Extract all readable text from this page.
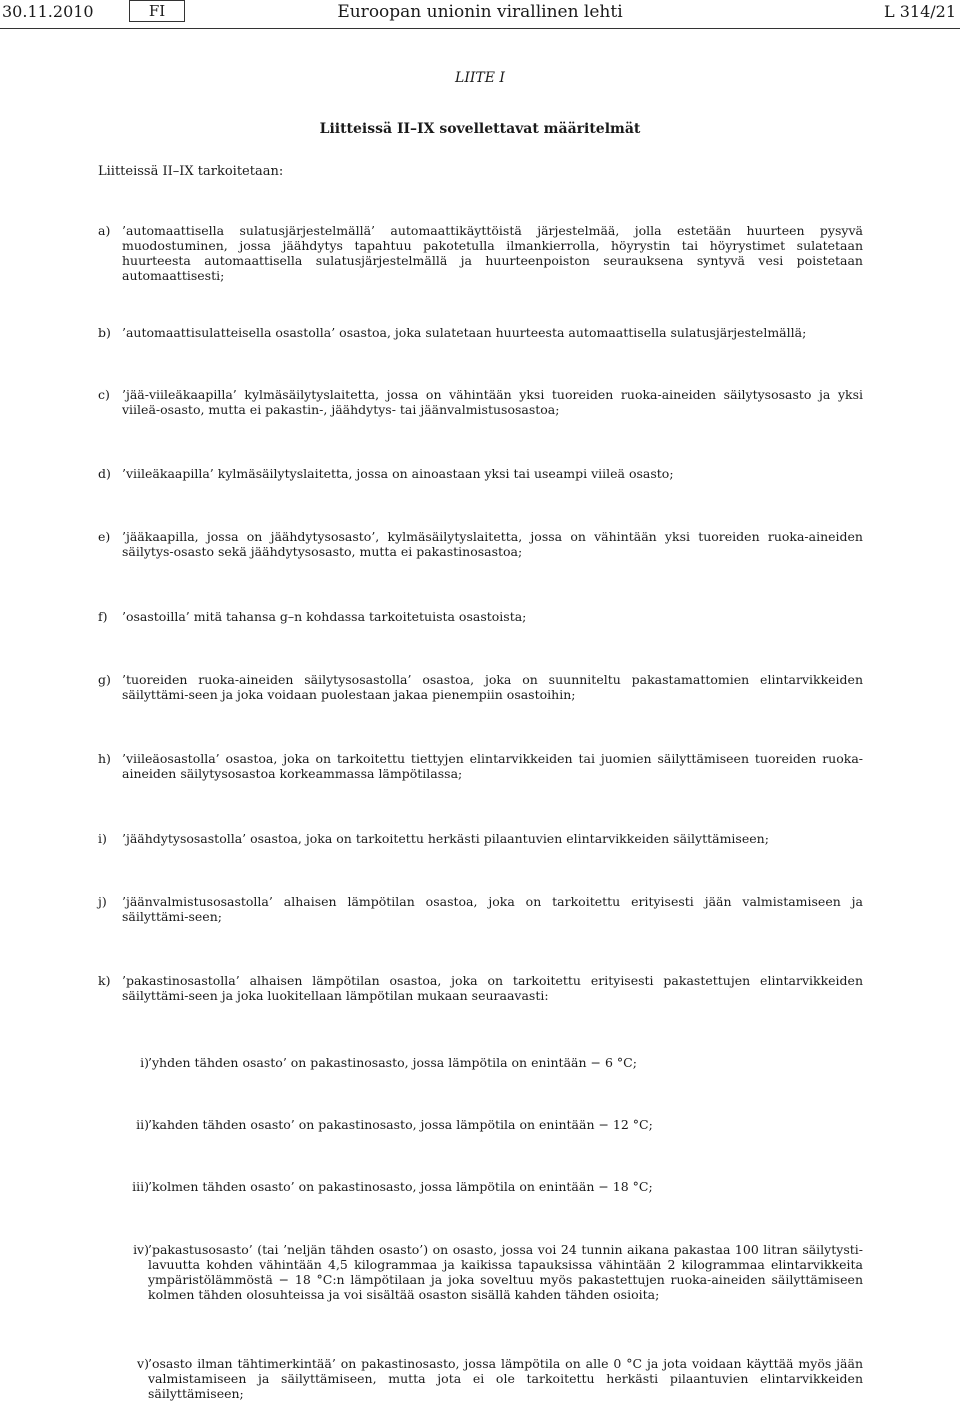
30.11.2010	FI	Euroopan unionin virallinen lehti	L 314/21
LIITE I
Liitteissä II–IX sovellettavat määritelmät
Liitteissä II–IX tarkoitetaan:
a) ’automaattisella sulatusjärjestelmällä’ automaattikäyttöistä järjestelmää, jolla estetään huurteen pysyvä muodostuminen, jossa jäähdytys tapahtuu pakotetulla ilmankierrolla, höyrystin tai höyrystimet sulatetaan huurteesta automaattisella sulatusjärjestelmällä ja huurteenpoiston seurauksena syntyvä vesi poistetaan automaattisesti;
b) ’automaattisulatteisella osastolla’ osastoa, joka sulatetaan huurteesta automaattisella sulatusjärjestelmällä;
c) ’jää-viileäkaapilla’ kylmäsäilytyslaitetta, jossa on vähintään yksi tuoreiden ruoka-aineiden säilytysosasto ja yksi viileä-osasto, mutta ei pakastin-, jäähdytys- tai jäänvalmistusosastoa;
d) ’viileäkaapilla’ kylmäsäilytyslaitetta, jossa on ainoastaan yksi tai useampi viileä osasto;
e) ’jääkaapilla, jossa on jäähdytysosasto’, kylmäsäilytyslaitetta, jossa on vähintään yksi tuoreiden ruoka-aineiden säilytys-osasto sekä jäähdytysosasto, mutta ei pakastinosastoa;
f) ’osastoilla’ mitä tahansa g–n kohdassa tarkoitetuista osastoista;
g) ’tuoreiden ruoka-aineiden säilytysosastolla’ osastoa, joka on suunniteltu pakastamattomien elintarvikkeiden säilyttämi-seen ja joka voidaan puolestaan jakaa pienempiin osastoihin;
h) ’viileäosastolla’ osastoa, joka on tarkoitettu tiettyjen elintarvikkeiden tai juomien säilyttämiseen tuoreiden ruoka-aineiden säilytysosastoa korkeammassa lämpötilassa;
i) ’jäähdytysosastolla’ osastoa, joka on tarkoitettu herkästi pilaantuvien elintarvikkeiden säilyttämiseen;
j) ’jäänvalmistusosastolla’ alhaisen lämpötilan osastoa, joka on tarkoitettu erityisesti jään valmistamiseen ja säilyttämi-seen;
k) ’pakastinosastolla’ alhaisen lämpötilan osastoa, joka on tarkoitettu erityisesti pakastettujen elintarvikkeiden säilyttämi-seen ja joka luokitellaan lämpötilan mukaan seuraavasti:
i) ’yhden tähden osasto’ on pakastinosasto, jossa lämpötila on enintään − 6 °C;
ii) ’kahden tähden osasto’ on pakastinosasto, jossa lämpötila on enintään − 12 °C;
iii) ’kolmen tähden osasto’ on pakastinosasto, jossa lämpötila on enintään − 18 °C;
iv) ’pakastusosasto’ (tai ’neljän tähden osasto’) on osasto, jossa voi 24 tunnin aikana pakastaa 100 litran säilytysti-lavuutta kohden vähintään 4,5 kilogrammaa ja kaikissa tapauksissa vähintään 2 kilogrammaa elintarvikkeita ympäristölämmöstä − 18 °C:n lämpötilaan ja joka soveltuu myös pakastettujen ruoka-aineiden säilyttämiseen kolmen tähden olosuhteissa ja voi sisältää osaston sisällä kahden tähden osioita;
v) ’osasto ilman tähtimerkintää’ on pakastinosasto, jossa lämpötila on alle 0 °C ja jota voidaan käyttää myös jään valmistamiseen ja säilyttämiseen, mutta jota ei ole tarkoitettu herkästi pilaantuvien elintarvikkeiden säilyttämiseen;
